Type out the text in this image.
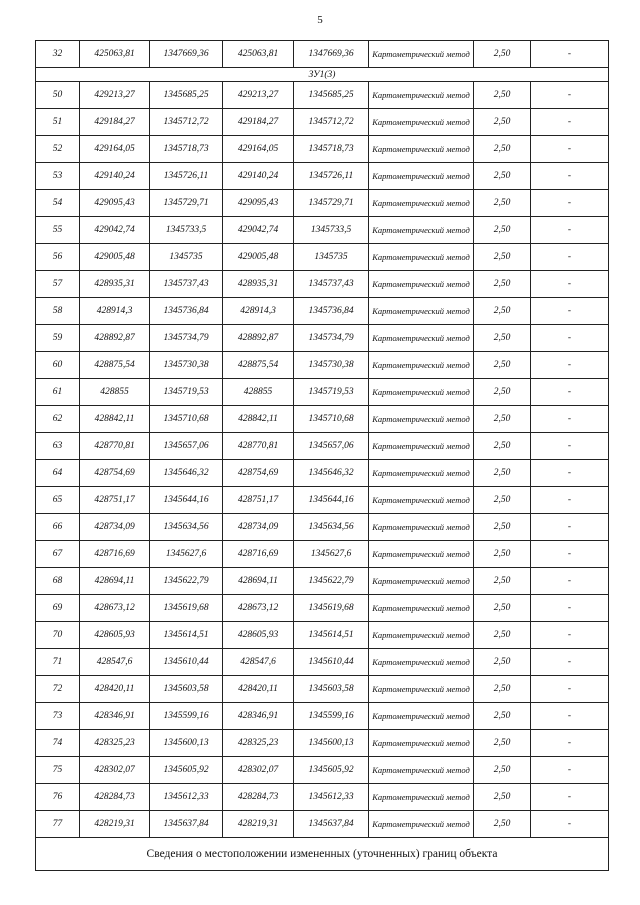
5
32	425063,81	1347669,36	425063,81	1347669,36	Картометрический метод	2,50	-
ЗУ1(3)							
50	429213,27	1345685,25	429213,27	1345685,25	Картометрический метод	2,50	-
51	429184,27	1345712,72	429184,27	1345712,72	Картометрический метод	2,50	-
52	429164,05	1345718,73	429164,05	1345718,73	Картометрический метод	2,50	-
53	429140,24	1345726,11	429140,24	1345726,11	Картометрический метод	2,50	-
54	429095,43	1345729,71	429095,43	1345729,71	Картометрический метод	2,50	-
55	429042,74	1345733,5	429042,74	1345733,5	Картометрический метод	2,50	-
56	429005,48	1345735	429005,48	1345735	Картометрический метод	2,50	-
57	428935,31	1345737,43	428935,31	1345737,43	Картометрический метод	2,50	-
58	428914,3	1345736,84	428914,3	1345736,84	Картометрический метод	2,50	-
59	428892,87	1345734,79	428892,87	1345734,79	Картометрический метод	2,50	-
60	428875,54	1345730,38	428875,54	1345730,38	Картометрический метод	2,50	-
61	428855	1345719,53	428855	1345719,53	Картометрический метод	2,50	-
62	428842,11	1345710,68	428842,11	1345710,68	Картометрический метод	2,50	-
63	428770,81	1345657,06	428770,81	1345657,06	Картометрический метод	2,50	-
64	428754,69	1345646,32	428754,69	1345646,32	Картометрический метод	2,50	-
65	428751,17	1345644,16	428751,17	1345644,16	Картометрический метод	2,50	-
66	428734,09	1345634,56	428734,09	1345634,56	Картометрический метод	2,50	-
67	428716,69	1345627,6	428716,69	1345627,6	Картометрический метод	2,50	-
68	428694,11	1345622,79	428694,11	1345622,79	Картометрический метод	2,50	-
69	428673,12	1345619,68	428673,12	1345619,68	Картометрический метод	2,50	-
70	428605,93	1345614,51	428605,93	1345614,51	Картометрический метод	2,50	-
71	428547,6	1345610,44	428547,6	1345610,44	Картометрический метод	2,50	-
72	428420,11	1345603,58	428420,11	1345603,58	Картометрический метод	2,50	-
73	428346,91	1345599,16	428346,91	1345599,16	Картометрический метод	2,50	-
74	428325,23	1345600,13	428325,23	1345600,13	Картометрический метод	2,50	-
75	428302,07	1345605,92	428302,07	1345605,92	Картометрический метод	2,50	-
76	428284,73	1345612,33	428284,73	1345612,33	Картометрический метод	2,50	-
77	428219,31	1345637,84	428219,31	1345637,84	Картометрический метод	2,50	-
Сведения о местоположении измененных (уточненных) границ объекта							
